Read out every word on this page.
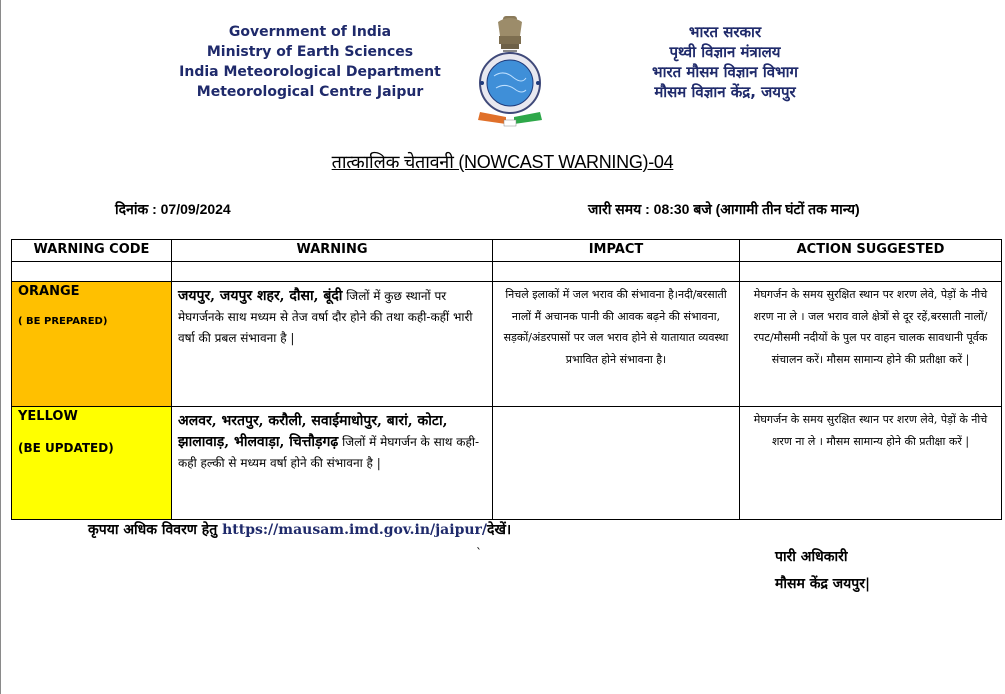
Government of India
Ministry of Earth Sciences
India Meteorological Department
Meteorological Centre Jaipur
भारत सरकार
पृथ्वी विज्ञान मंत्रालय
भारत मौसम विज्ञान विभाग
मौसम विज्ञान केंद्र, जयपुर
तात्कालिक चेतावनी (NOWCAST WARNING)-04
दिनांक : 07/09/2024	जारी समय : 08:30 बजे (आगामी तीन घंटों तक मान्य)
WARNING CODE	WARNING	IMPACT	ACTION SUGGESTED

ORANGE
( BE PREPARED)	जयपुर, जयपुर शहर, दौसा, बूंदी जिलों में कुछ स्थानों पर मेघगर्जनके साथ मध्यम से तेज वर्षा दौर होने की तथा कही-कहीं भारी वर्षा की प्रबल संभावना है |	निचले इलाकों में जल भराव की संभावना है।नदी/बरसाती नालों मैं अचानक पानी की आवक बढ़ने की संभावना, सड़कों/अंडरपासों पर जल भराव होने से यातायात व्यवस्था प्रभावित होने संभावना है।	मेघगर्जन के समय सुरक्षित स्थान पर शरण लेवे, पेड़ों के नीचे शरण ना ले । जल भराव वाले क्षेत्रों से दूर रहें,बरसाती नालों/रपट/मौसमी नदीयों के पुल पर वाहन चालक सावधानी पूर्वक संचालन करें। मौसम सामान्य होने की प्रतीक्षा करें |

YELLOW
(BE UPDATED)	अलवर, भरतपुर, करौली, सवाईमाधोपुर, बारां, कोटा, झालावाड़, भीलवाड़ा, चित्तौड़गढ़ जिलों में मेघगर्जन के साथ कही-कही हल्की से मध्यम वर्षा होने की संभावना है |		मेघगर्जन के समय सुरक्षित स्थान पर शरण लेवे, पेड़ों के नीचे शरण ना ले । मौसम सामान्य होने की प्रतीक्षा करें |
कृपया अधिक विवरण हेतु https://mausam.imd.gov.in/jaipur/देखें।
`	पारी अधिकारी
मौसम केंद्र जयपुर|
